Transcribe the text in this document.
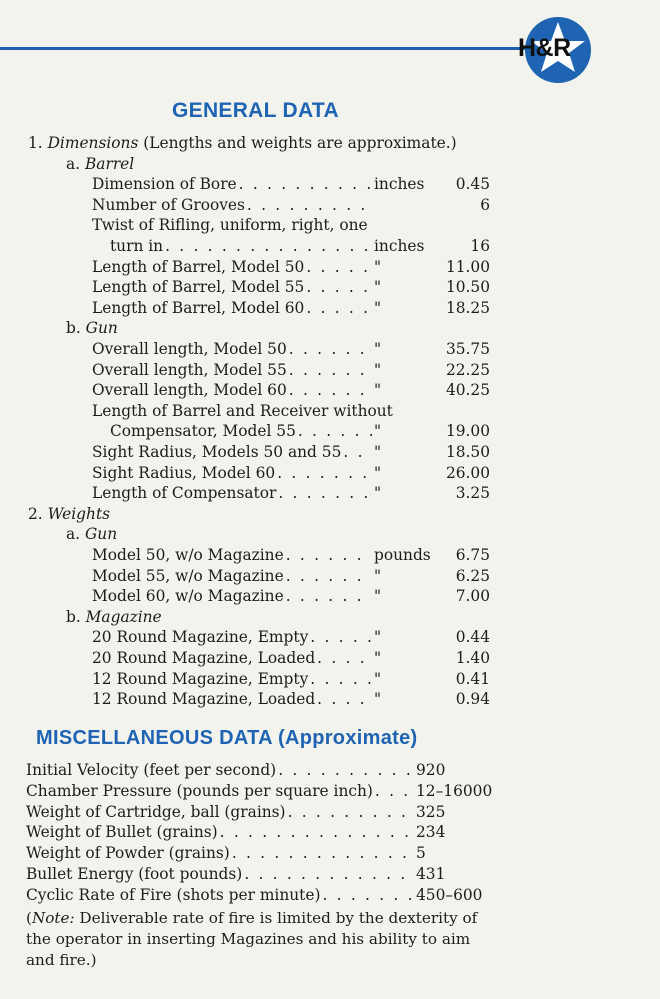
H&R
GENERAL DATA
1. Dimensions (Lengths and weights are approximate.)
a. Barrel
Dimension of Bore . . .	inches	0.45
Number of Grooves . . .	6
Twist of Rifling, uniform, right, one
turn in . . .	inches	16
Length of Barrel, Model 50 . . .	"	11.00
Length of Barrel, Model 55 . . .	"	10.50
Length of Barrel, Model 60 . . .	"	18.25
b. Gun
Overall length, Model 50 . . .	"	35.75
Overall length, Model 55 . . .	"	22.25
Overall length, Model 60 . . .	"	40.25
Length of Barrel and Receiver without
Compensator, Model 55 . . .	"	19.00
Sight Radius, Models 50 and 55 . . . "	18.50
Sight Radius, Model 60 . . .	"	26.00
Length of Compensator . . .	"	3.25
2. Weights
a. Gun
Model 50, w/o Magazine . . .	pounds	6.75
Model 55, w/o Magazine . . .	"	6.25
Model 60, w/o Magazine . . .	"	7.00
b. Magazine
20 Round Magazine, Empty . . .	"	0.44
20 Round Magazine, Loaded . . .	"	1.40
12 Round Magazine, Empty . . .	"	0.41
12 Round Magazine, Loaded . . .	"	0.94
MISCELLANEOUS DATA (Approximate)
Initial Velocity (feet per second) . . .	920
Chamber Pressure (pounds per square inch) . . .	12–16000
Weight of Cartridge, ball (grains) . . .	325
Weight of Bullet (grains) . . .	234
Weight of Powder (grains) . . .	5
Bullet Energy (foot pounds) . . .	431
Cyclic Rate of Fire (shots per minute) . . .	450–600
(Note: Deliverable rate of fire is limited by the dexterity of the operator in inserting Magazines and his ability to aim and fire.)
